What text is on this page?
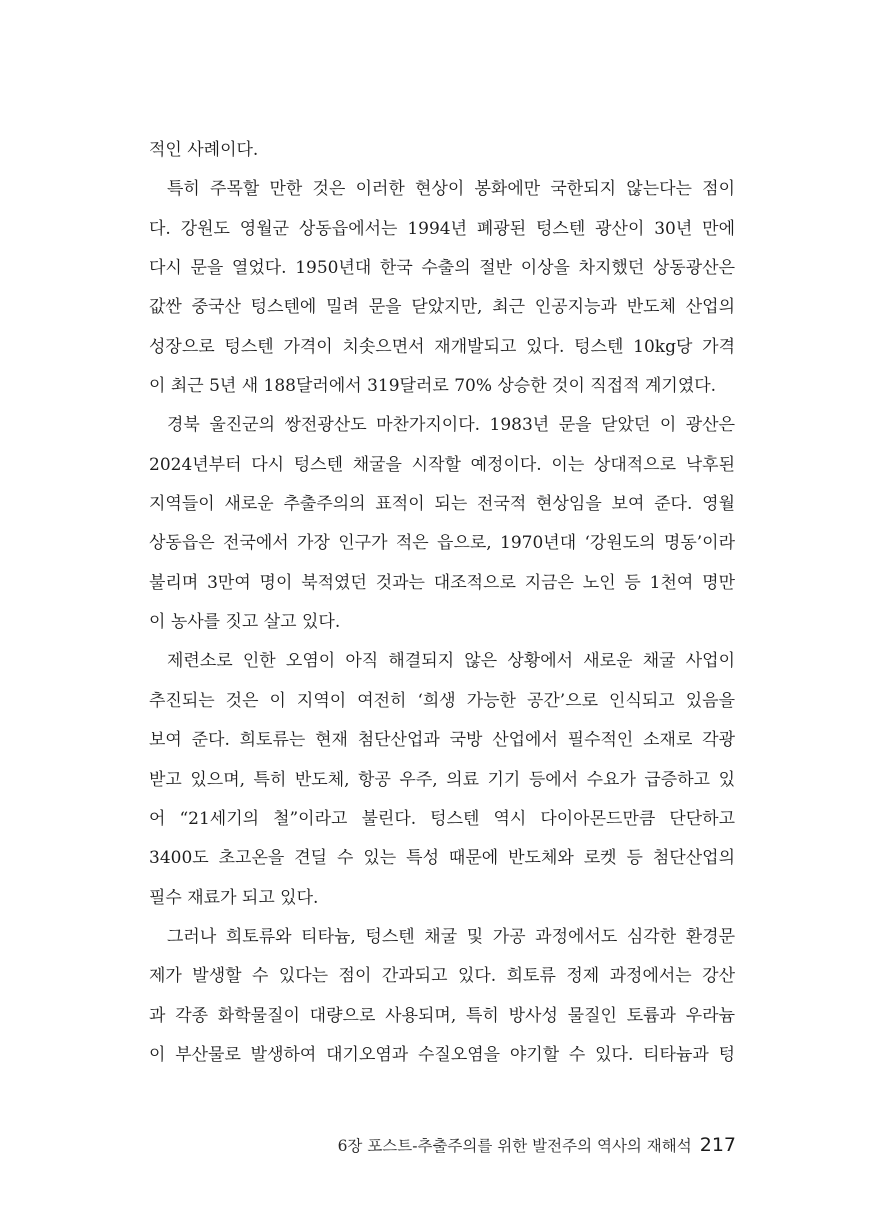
적인 사례이다.
특히 주목할 만한 것은 이러한 현상이 봉화에만 국한되지 않는다는 점이
다. 강원도 영월군 상동읍에서는 1994년 폐광된 텅스텐 광산이 30년 만에
다시 문을 열었다. 1950년대 한국 수출의 절반 이상을 차지했던 상동광산은
값싼 중국산 텅스텐에 밀려 문을 닫았지만, 최근 인공지능과 반도체 산업의
성장으로 텅스텐 가격이 치솟으면서 재개발되고 있다. 텅스텐 10kg당 가격
이 최근 5년 새 188달러에서 319달러로 70% 상승한 것이 직접적 계기였다.
경북 울진군의 쌍전광산도 마찬가지이다. 1983년 문을 닫았던 이 광산은
2024년부터 다시 텅스텐 채굴을 시작할 예정이다. 이는 상대적으로 낙후된
지역들이 새로운 추출주의의 표적이 되는 전국적 현상임을 보여 준다. 영월
상동읍은 전국에서 가장 인구가 적은 읍으로, 1970년대 ‘강원도의 명동’이라
불리며 3만여 명이 북적였던 것과는 대조적으로 지금은 노인 등 1천여 명만
이 농사를 짓고 살고 있다.
제련소로 인한 오염이 아직 해결되지 않은 상황에서 새로운 채굴 사업이
추진되는 것은 이 지역이 여전히 ‘희생 가능한 공간’으로 인식되고 있음을
보여 준다. 희토류는 현재 첨단산업과 국방 산업에서 필수적인 소재로 각광
받고 있으며, 특히 반도체, 항공 우주, 의료 기기 등에서 수요가 급증하고 있
어 “21세기의 철”이라고 불린다. 텅스텐 역시 다이아몬드만큼 단단하고
3400도 초고온을 견딜 수 있는 특성 때문에 반도체와 로켓 등 첨단산업의
필수 재료가 되고 있다.
그러나 희토류와 티타늄, 텅스텐 채굴 및 가공 과정에서도 심각한 환경문
제가 발생할 수 있다는 점이 간과되고 있다. 희토류 정제 과정에서는 강산
과 각종 화학물질이 대량으로 사용되며, 특히 방사성 물질인 토륨과 우라늄
이 부산물로 발생하여 대기오염과 수질오염을 야기할 수 있다. 티타늄과 텅
6장 포스트-추출주의를 위한 발전주의 역사의 재해석 217
